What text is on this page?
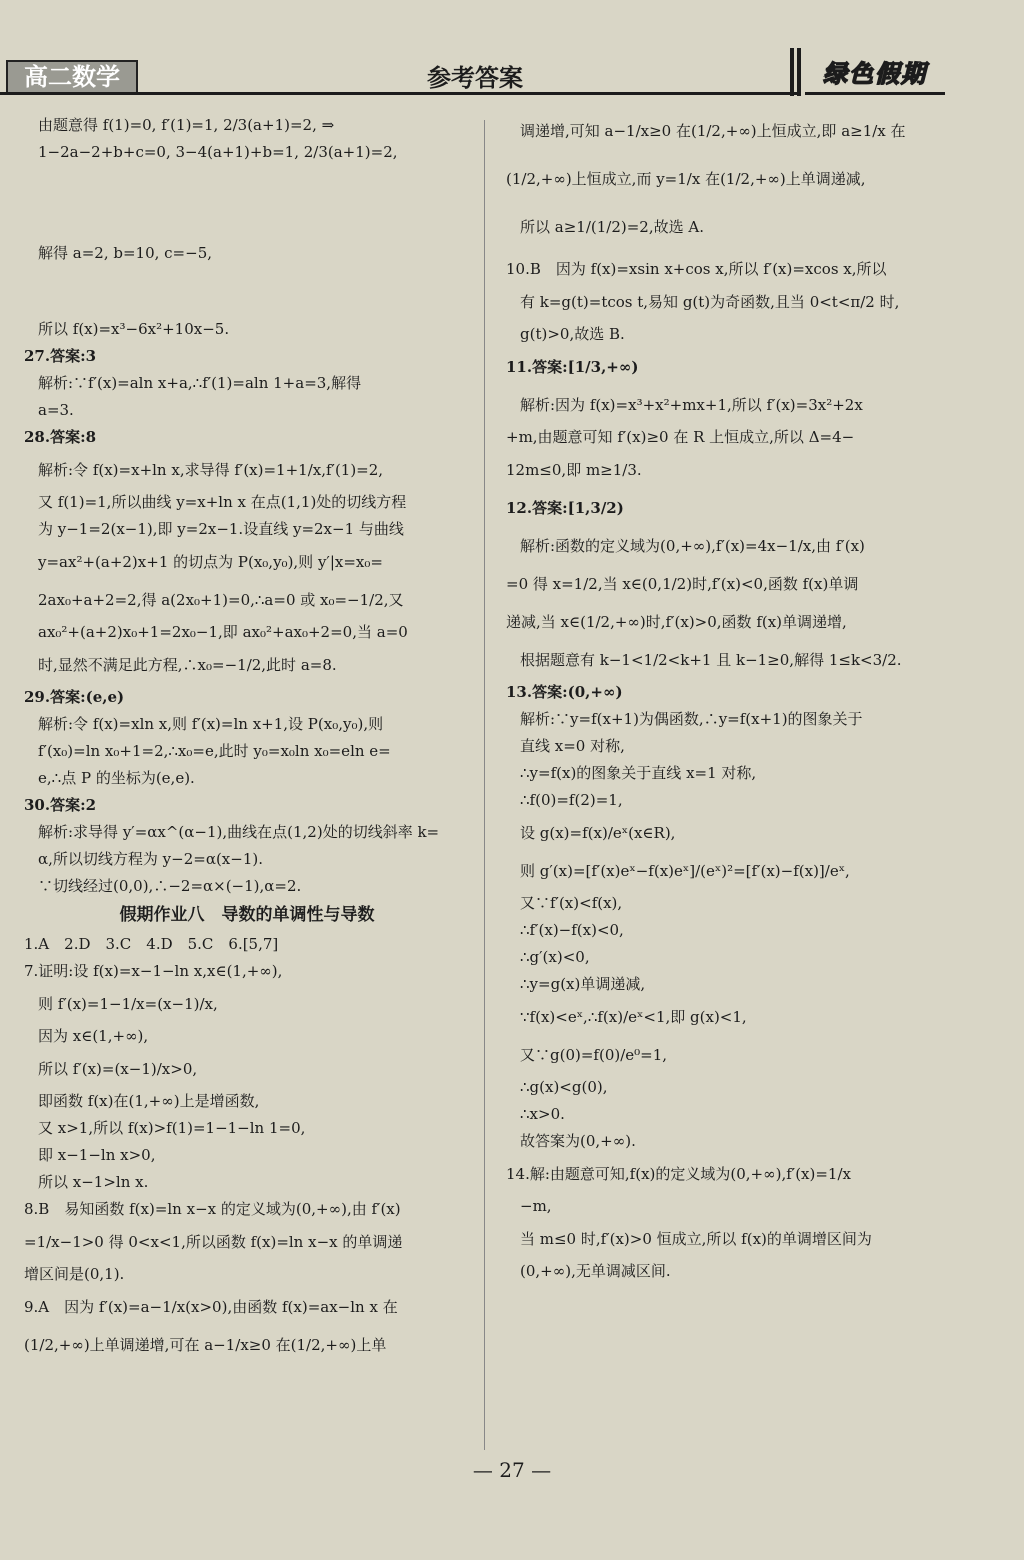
高二数学	参考答案	绿色假期
由题意得 f(1)=0, f′(1)=1, 2/3(a+1)=2, ⇒ 1−2a−2+b+c=0, 3−4(a+1)+b=1, 2/3(a+1)=2,
解得 a=2, b=10, c=−5,
所以 f(x)=x³−6x²+10x−5.
27.答案:3
解析:∵f′(x)=aln x+a,∴f′(1)=aln 1+a=3,解得
a=3.
28.答案:8
解析:令 f(x)=x+ln x,求导得 f′(x)=1+1/x,f′(1)=2,
又 f(1)=1,所以曲线 y=x+ln x 在点(1,1)处的切线方程
为 y−1=2(x−1),即 y=2x−1.设直线 y=2x−1 与曲线
y=ax²+(a+2)x+1 的切点为 P(x₀,y₀),则 y′|x=x₀=
2ax₀+a+2=2,得 a(2x₀+1)=0,∴a=0 或 x₀=−1/2,又
ax₀²+(a+2)x₀+1=2x₀−1,即 ax₀²+ax₀+2=0,当 a=0
时,显然不满足此方程,∴x₀=−1/2,此时 a=8.
29.答案:(e,e)
解析:令 f(x)=xln x,则 f′(x)=ln x+1,设 P(x₀,y₀),则
f′(x₀)=ln x₀+1=2,∴x₀=e,此时 y₀=x₀ln x₀=eln e=
e,∴点 P 的坐标为(e,e).
30.答案:2
解析:求导得 y′=αx^(α−1),曲线在点(1,2)处的切线斜率 k=
α,所以切线方程为 y−2=α(x−1).
∵切线经过(0,0),∴−2=α×(−1),α=2.
假期作业八　导数的单调性与导数
1.A　2.D　3.C　4.D　5.C　6.[5,7]
7.证明:设 f(x)=x−1−ln x,x∈(1,+∞),
则 f′(x)=1−1/x=(x−1)/x,
因为 x∈(1,+∞),
所以 f′(x)=(x−1)/x>0,
即函数 f(x)在(1,+∞)上是增函数,
又 x>1,所以 f(x)>f(1)=1−1−ln 1=0,
即 x−1−ln x>0,
所以 x−1>ln x.
8.B　易知函数 f(x)=ln x−x 的定义域为(0,+∞),由 f′(x)
=1/x−1>0 得 0<x<1,所以函数 f(x)=ln x−x 的单调递
增区间是(0,1).
9.A　因为 f′(x)=a−1/x(x>0),由函数 f(x)=ax−ln x 在
(1/2,+∞)上单调递增,可在 a−1/x≥0 在(1/2,+∞)上单
调递增,可知 a−1/x≥0 在(1/2,+∞)上恒成立,即 a≥1/x 在
(1/2,+∞)上恒成立,而 y=1/x 在(1/2,+∞)上单调递减,
所以 a≥1/(1/2)=2,故选 A.
10.B　因为 f(x)=xsin x+cos x,所以 f′(x)=xcos x,所以
有 k=g(t)=tcos t,易知 g(t)为奇函数,且当 0<t<π/2 时,
g(t)>0,故选 B.
11.答案:[1/3,+∞)
解析:因为 f(x)=x³+x²+mx+1,所以 f′(x)=3x²+2x
+m,由题意可知 f′(x)≥0 在 R 上恒成立,所以 Δ=4−
12m≤0,即 m≥1/3.
12.答案:[1,3/2)
解析:函数的定义域为(0,+∞),f′(x)=4x−1/x,由 f′(x)
=0 得 x=1/2,当 x∈(0,1/2)时,f′(x)<0,函数 f(x)单调
递减,当 x∈(1/2,+∞)时,f′(x)>0,函数 f(x)单调递增,
根据题意有 k−1<1/2<k+1 且 k−1≥0,解得 1≤k<3/2.
13.答案:(0,+∞)
解析:∵y=f(x+1)为偶函数,∴y=f(x+1)的图象关于
直线 x=0 对称,
∴y=f(x)的图象关于直线 x=1 对称,
∴f(0)=f(2)=1,
设 g(x)=f(x)/eˣ(x∈R),
则 g′(x)=[f′(x)eˣ−f(x)eˣ]/(eˣ)²=[f′(x)−f(x)]/eˣ,
又∵f′(x)<f(x),
∴f′(x)−f(x)<0,
∴g′(x)<0,
∴y=g(x)单调递减,
∵f(x)<eˣ,∴f(x)/eˣ<1,即 g(x)<1,
又∵g(0)=f(0)/e⁰=1,
∴g(x)<g(0),
∴x>0.
故答案为(0,+∞).
14.解:由题意可知,f(x)的定义域为(0,+∞),f′(x)=1/x
−m,
当 m≤0 时,f′(x)>0 恒成立,所以 f(x)的单调增区间为
(0,+∞),无单调减区间.
— 27 —
